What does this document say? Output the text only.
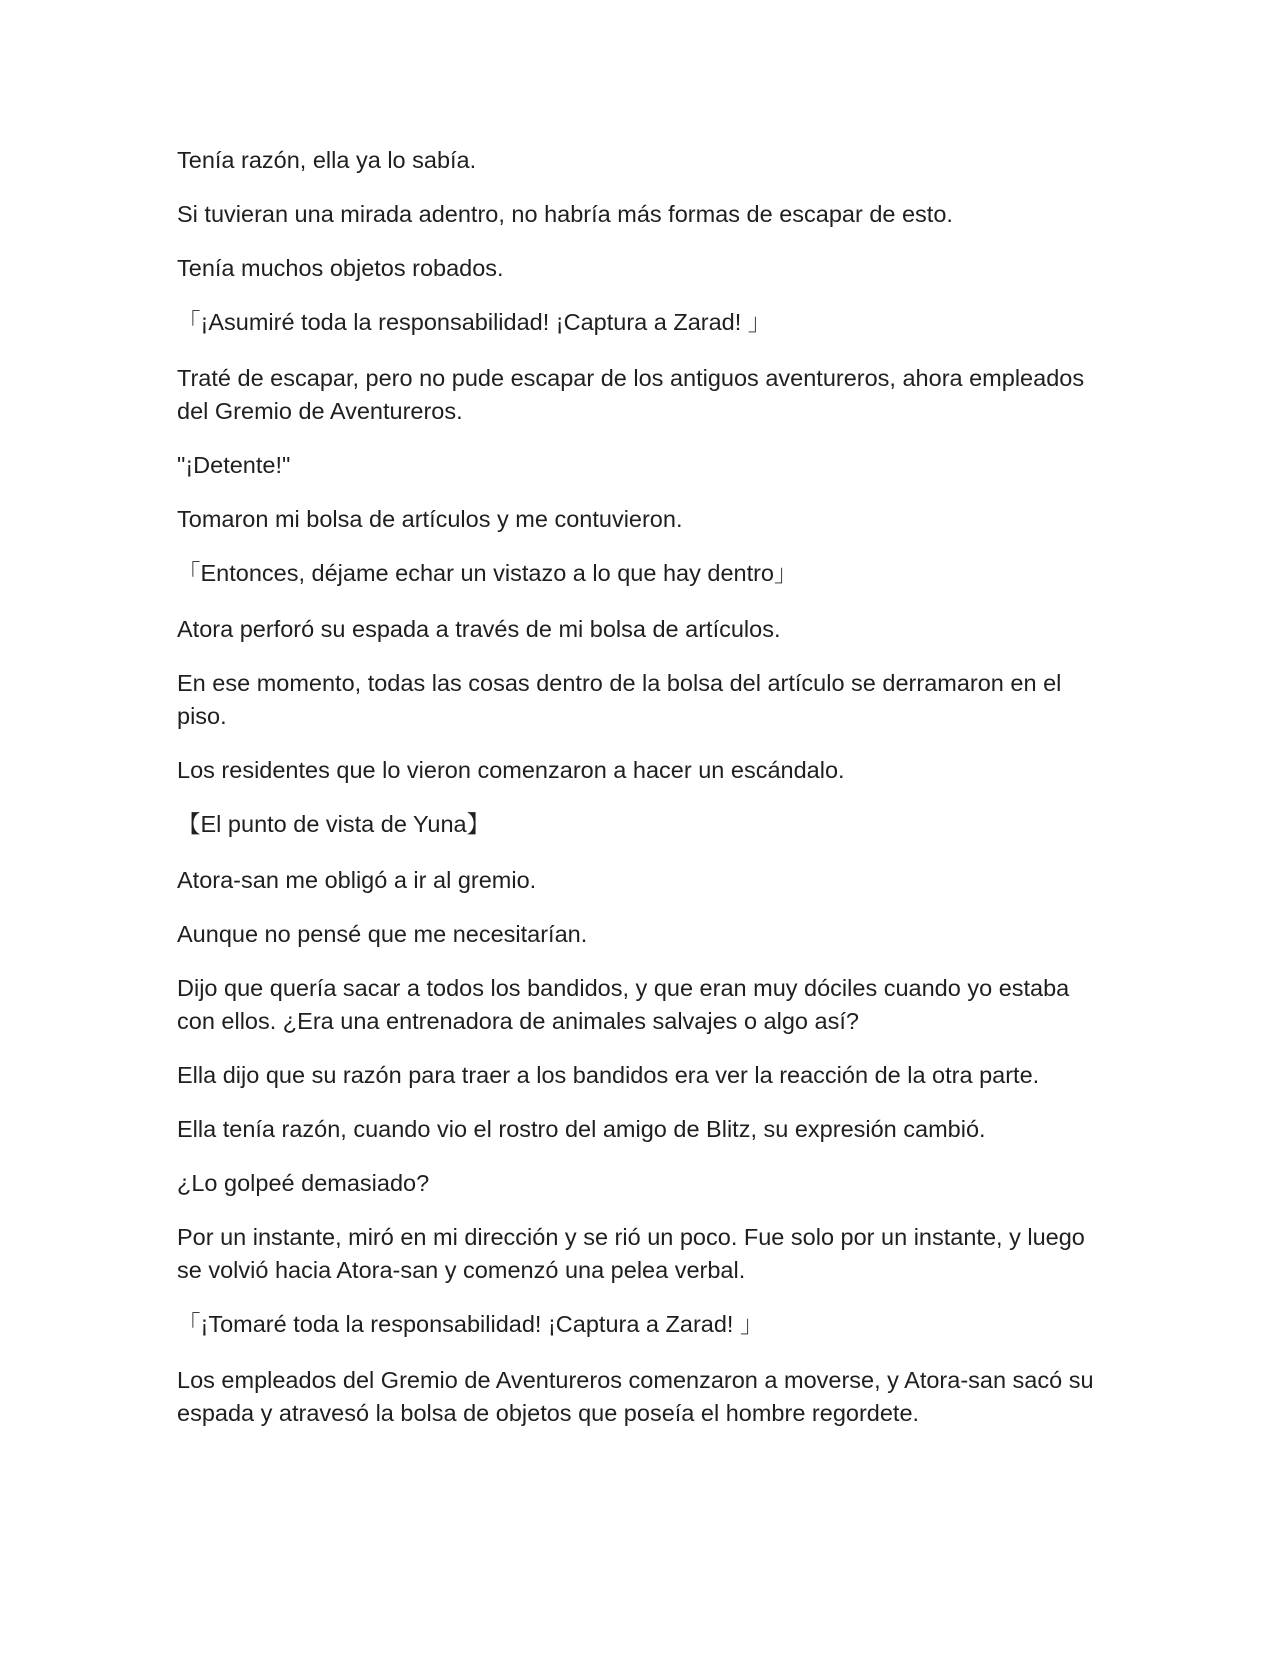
Tenía razón, ella ya lo sabía.

Si tuvieran una mirada adentro, no habría más formas de escapar de esto.

Tenía muchos objetos robados.

「¡Asumiré toda la responsabilidad! ¡Captura a Zarad! 」

Traté de escapar, pero no pude escapar de los antiguos aventureros, ahora empleados del Gremio de Aventureros.

"¡Detente!"

Tomaron mi bolsa de artículos y me contuvieron.

「Entonces, déjame echar un vistazo a lo que hay dentro」

Atora perforó su espada a través de mi bolsa de artículos.

En ese momento, todas las cosas dentro de la bolsa del artículo se derramaron en el piso.

Los residentes que lo vieron comenzaron a hacer un escándalo.

【El punto de vista de Yuna】

Atora-san me obligó a ir al gremio.

Aunque no pensé que me necesitarían.

Dijo que quería sacar a todos los bandidos, y que eran muy dóciles cuando yo estaba con ellos. ¿Era una entrenadora de animales salvajes o algo así?

Ella dijo que su razón para traer a los bandidos era ver la reacción de la otra parte.

Ella tenía razón, cuando vio el rostro del amigo de Blitz, su expresión cambió.

¿Lo golpeé demasiado?

Por un instante, miró en mi dirección y se rió un poco. Fue solo por un instante, y luego se volvió hacia Atora-san y comenzó una pelea verbal.

「¡Tomaré toda la responsabilidad! ¡Captura a Zarad! 」

Los empleados del Gremio de Aventureros comenzaron a moverse, y Atora-san sacó su espada y atravesó la bolsa de objetos que poseía el hombre regordete.
